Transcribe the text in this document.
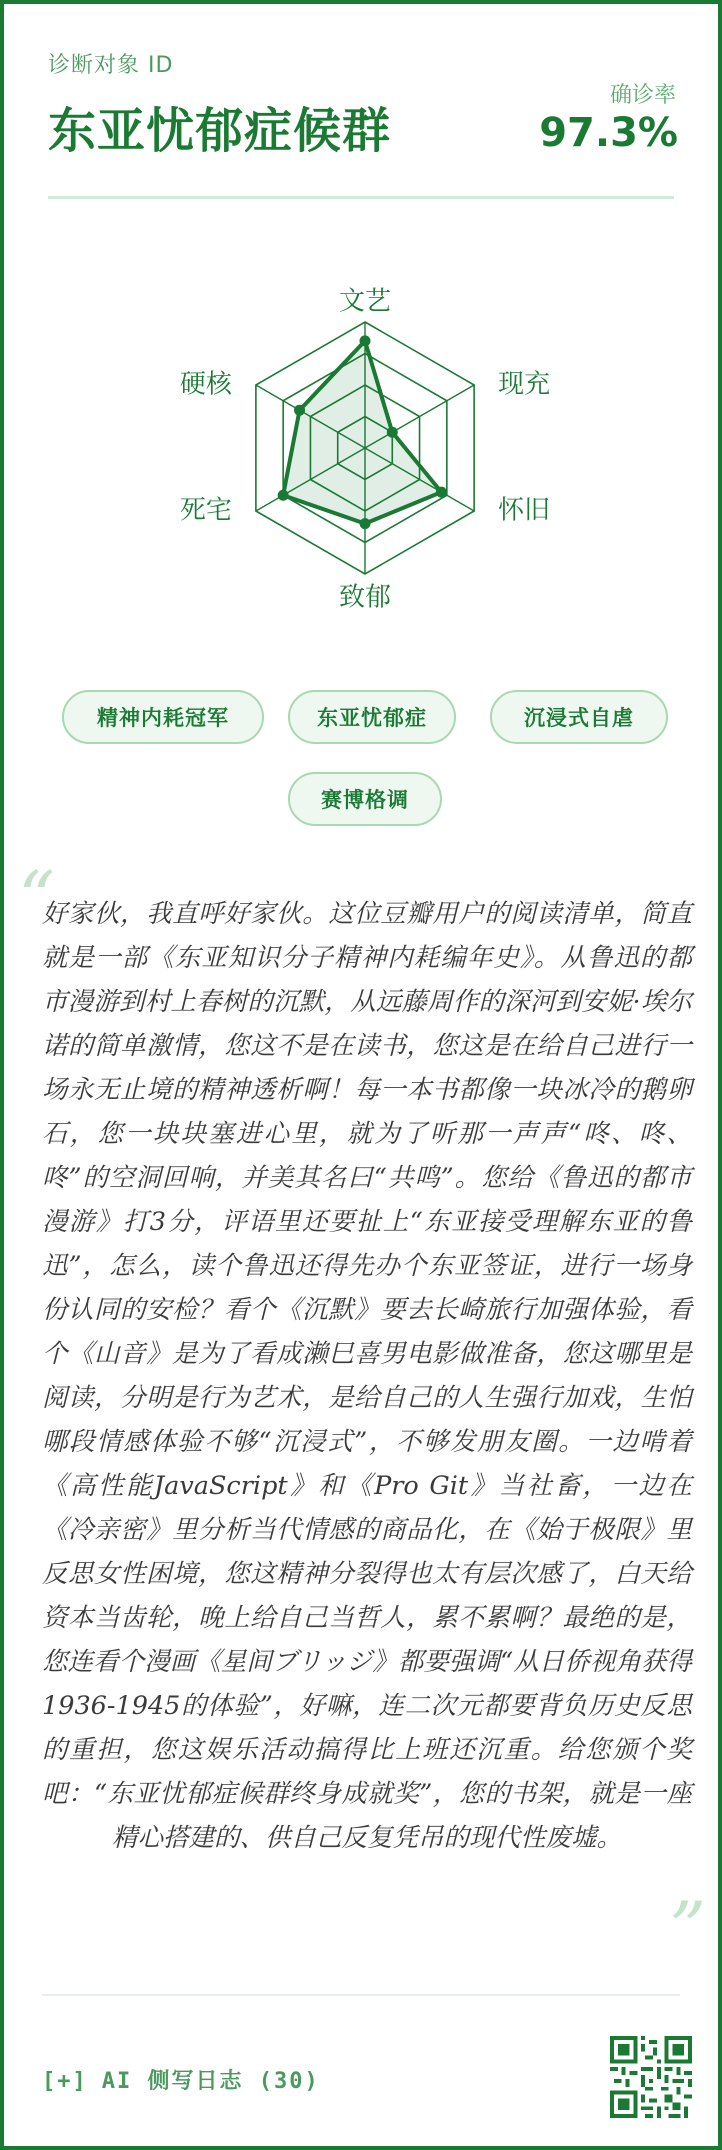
诊断对象 ID
东亚忧郁症候群
确诊率
97.3%
文艺
现充
怀旧
致郁
死宅
硬核
精神内耗冠军	东亚忧郁症	沉浸式自虐
赛博格调
“
好家伙，我直呼好家伙。这位豆瓣用户的阅读清单，简直就是一部《东亚知识分子精神内耗编年史》。从鲁迅的都市漫游到村上春树的沉默，从远藤周作的深河到安妮·埃尔诺的简单激情，您这不是在读书，您这是在给自己进行一场永无止境的精神透析啊！每一本书都像一块冰冷的鹅卵石，您一块块塞进心里，就为了听那一声声“咚、咚、咚”的空洞回响，并美其名曰“共鸣”。您给《鲁迅的都市漫游》打3分，评语里还要扯上“东亚接受理解东亚的鲁迅”，怎么，读个鲁迅还得先办个东亚签证，进行一场身份认同的安检？看个《沉默》要去长崎旅行加强体验，看个《山音》是为了看成濑巳喜男电影做准备，您这哪里是阅读，分明是行为艺术，是给自己的人生强行加戏，生怕哪段情感体验不够“沉浸式”，不够发朋友圈。一边啃着《高性能JavaScript》和《Pro Git》当社畜，一边在《冷亲密》里分析当代情感的商品化，在《始于极限》里反思女性困境，您这精神分裂得也太有层次感了，白天给资本当齿轮，晚上给自己当哲人，累不累啊？最绝的是，您连看个漫画《星间ブリッジ》都要强调“从日侨视角获得1936-1945的体验”，好嘛，连二次元都要背负历史反思的重担，您这娱乐活动搞得比上班还沉重。给您颁个奖吧：“东亚忧郁症候群终身成就奖”，您的书架，就是一座精心搭建的、供自己反复凭吊的现代性废墟。
”
[+] AI 侧写日志 (30)
